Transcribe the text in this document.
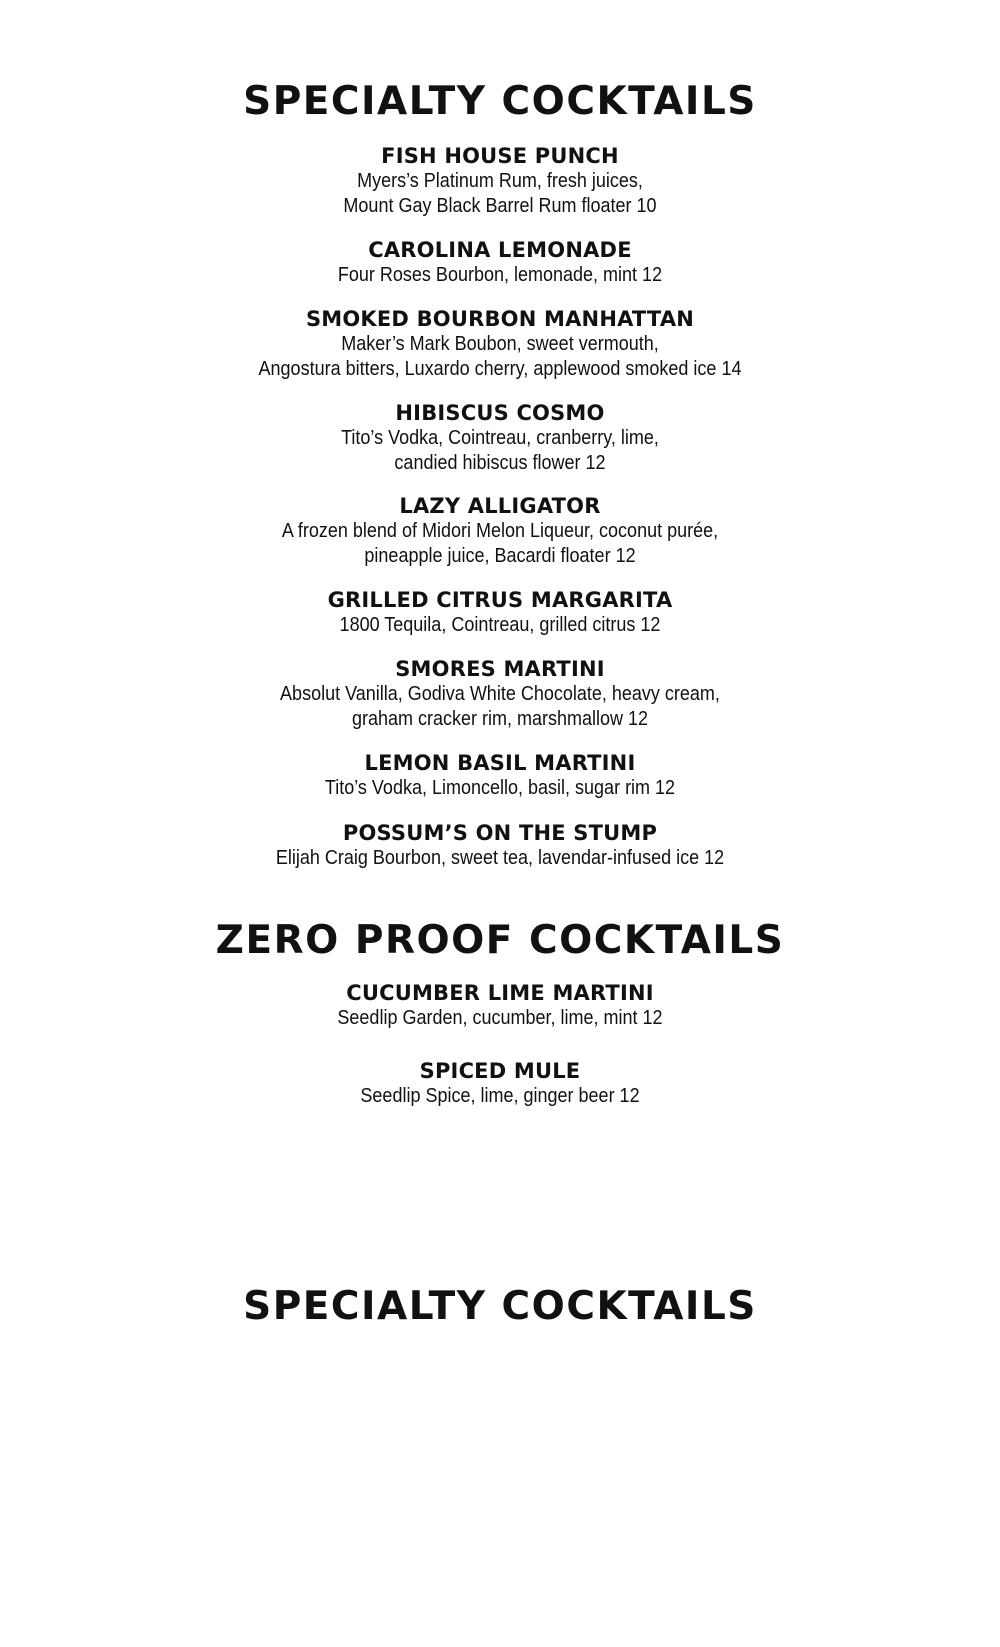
SPECIALTY COCKTAILS
FISH HOUSE PUNCH
Myers’s Platinum Rum, fresh juices,
Mount Gay Black Barrel Rum floater 10
CAROLINA LEMONADE
Four Roses Bourbon, lemonade, mint 12
SMOKED BOURBON MANHATTAN
Maker’s Mark Boubon, sweet vermouth,
Angostura bitters, Luxardo cherry, applewood smoked ice 14
HIBISCUS COSMO
Tito’s Vodka, Cointreau, cranberry, lime,
candied hibiscus flower 12
LAZY ALLIGATOR
A frozen blend of Midori Melon Liqueur, coconut purée,
pineapple juice, Bacardi floater 12
GRILLED CITRUS MARGARITA
1800 Tequila, Cointreau, grilled citrus 12
SMORES MARTINI
Absolut Vanilla, Godiva White Chocolate, heavy cream,
graham cracker rim, marshmallow 12
LEMON BASIL MARTINI
Tito’s Vodka, Limoncello, basil, sugar rim 12
POSSUM’S ON THE STUMP
Elijah Craig Bourbon, sweet tea, lavendar-infused ice 12
ZERO PROOF COCKTAILS
CUCUMBER LIME MARTINI
Seedlip Garden, cucumber, lime, mint 12
SPICED MULE
Seedlip Spice, lime, ginger beer 12
SPECIALTY COCKTAILS
